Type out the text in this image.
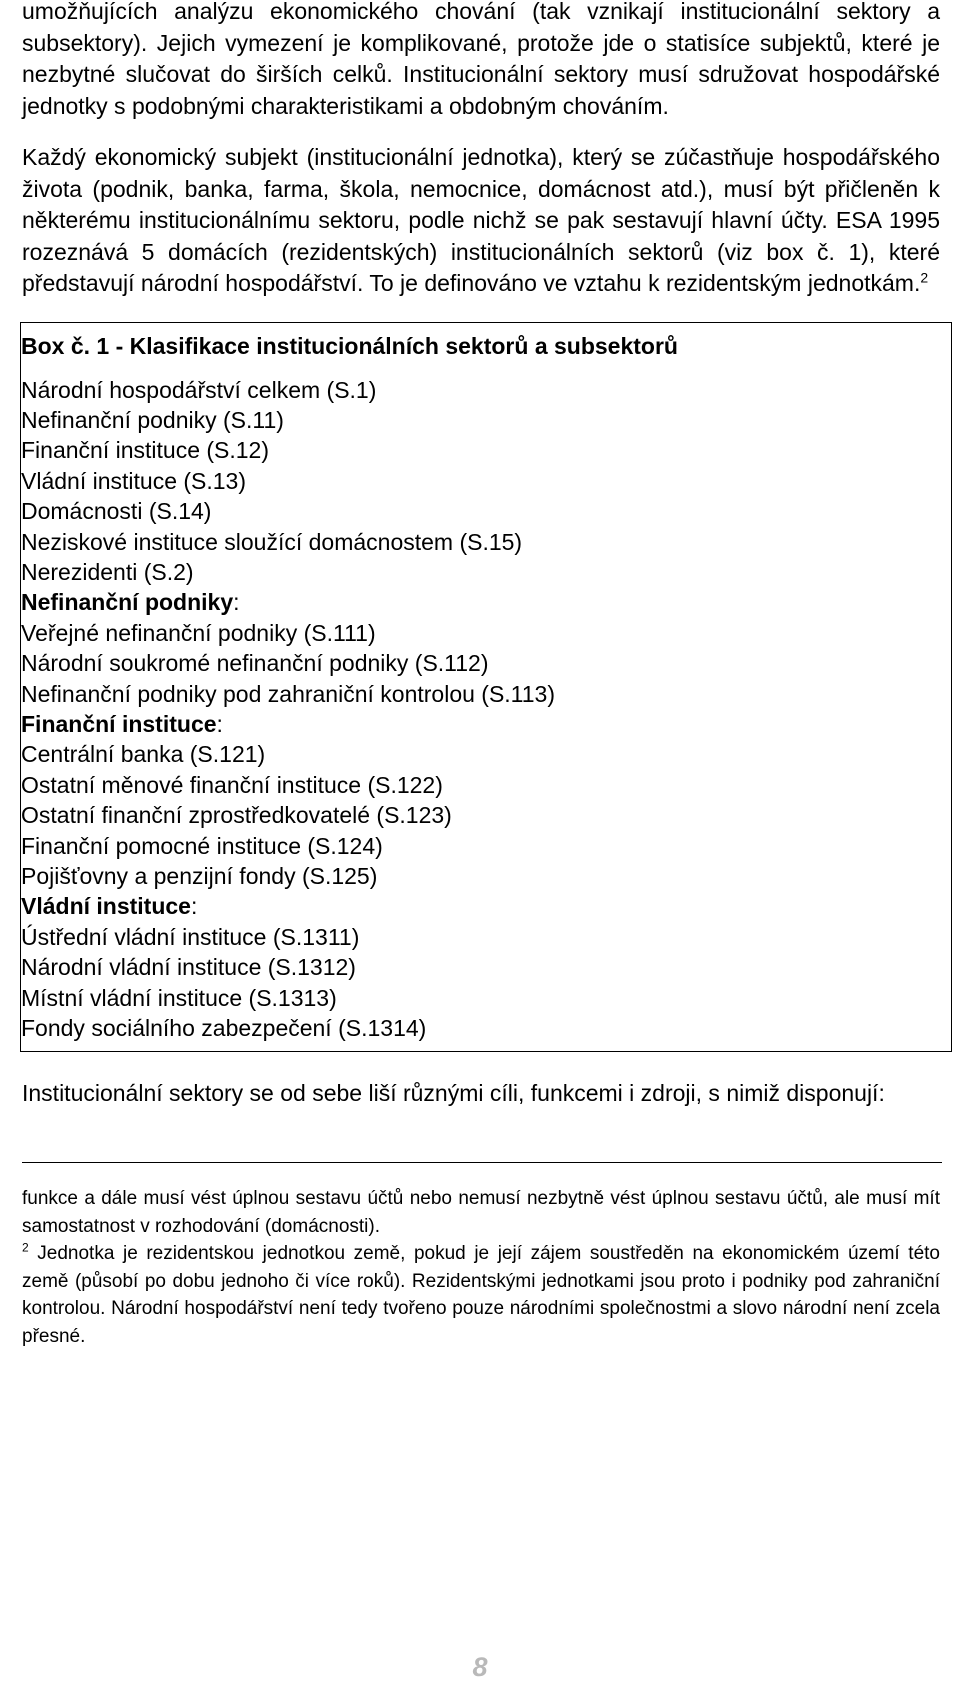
umožňujících analýzu ekonomického chování (tak vznikají institucionální sektory a subsektory). Jejich vymezení je komplikované, protože jde o statisíce subjektů, které je nezbytné slučovat do širších celků. Institucionální sektory musí sdružovat hospodářské jednotky s podobnými charakteristikami a obdobným chováním.

Každý ekonomický subjekt (institucionální jednotka), který se zúčastňuje hospodářského života (podnik, banka, farma, škola, nemocnice, domácnost atd.), musí být přičleněn k některému institucionálnímu sektoru, podle nichž se pak sestavují hlavní účty. ESA 1995 rozeznává 5 domácích (rezidentských) institucionálních sektorů (viz box č. 1), které představují národní hospodářství. To je definováno ve vztahu k rezidentským jednotkám.$^2$

Box č. 1 - Klasifikace institucionálních sektorů a subsektorů

Národní hospodářství celkem (S.1)
Nefinanční podniky (S.11)
Finanční instituce (S.12)
Vládní instituce (S.13)
Domácnosti (S.14)
Neziskové instituce sloužící domácnostem (S.15)
Nerezidenti (S.2)
Nefinanční podniky:
Veřejné nefinanční podniky (S.111)
Národní soukromé nefinanční podniky (S.112)
Nefinanční podniky pod zahraniční kontrolou (S.113)
Finanční instituce:
Centrální banka (S.121)
Ostatní měnové finanční instituce (S.122)
Ostatní finanční zprostředkovatelé (S.123)
Finanční pomocné instituce (S.124)
Pojišťovny a penzijní fondy (S.125)
Vládní instituce:
Ústřední vládní instituce (S.1311)
Národní vládní instituce (S.1312)
Místní vládní instituce (S.1313)
Fondy sociálního zabezpečení (S.1314)

Institucionální sektory se od sebe liší různými cíli, funkcemi i zdroji, s nimiž disponují:

funkce a dále musí vést úplnou sestavu účtů nebo nemusí nezbytně vést úplnou sestavu účtů, ale musí mít samostatnost v rozhodování (domácnosti).

$^2$ Jednotka je rezidentskou jednotkou země, pokud je její zájem soustředěn na ekonomickém území této země (působí po dobu jednoho či více roků). Rezidentskými jednotkami jsou proto i podniky pod zahraniční kontrolou. Národní hospodářství není tedy tvořeno pouze národními společnostmi a slovo národní není zcela přesné.

8
